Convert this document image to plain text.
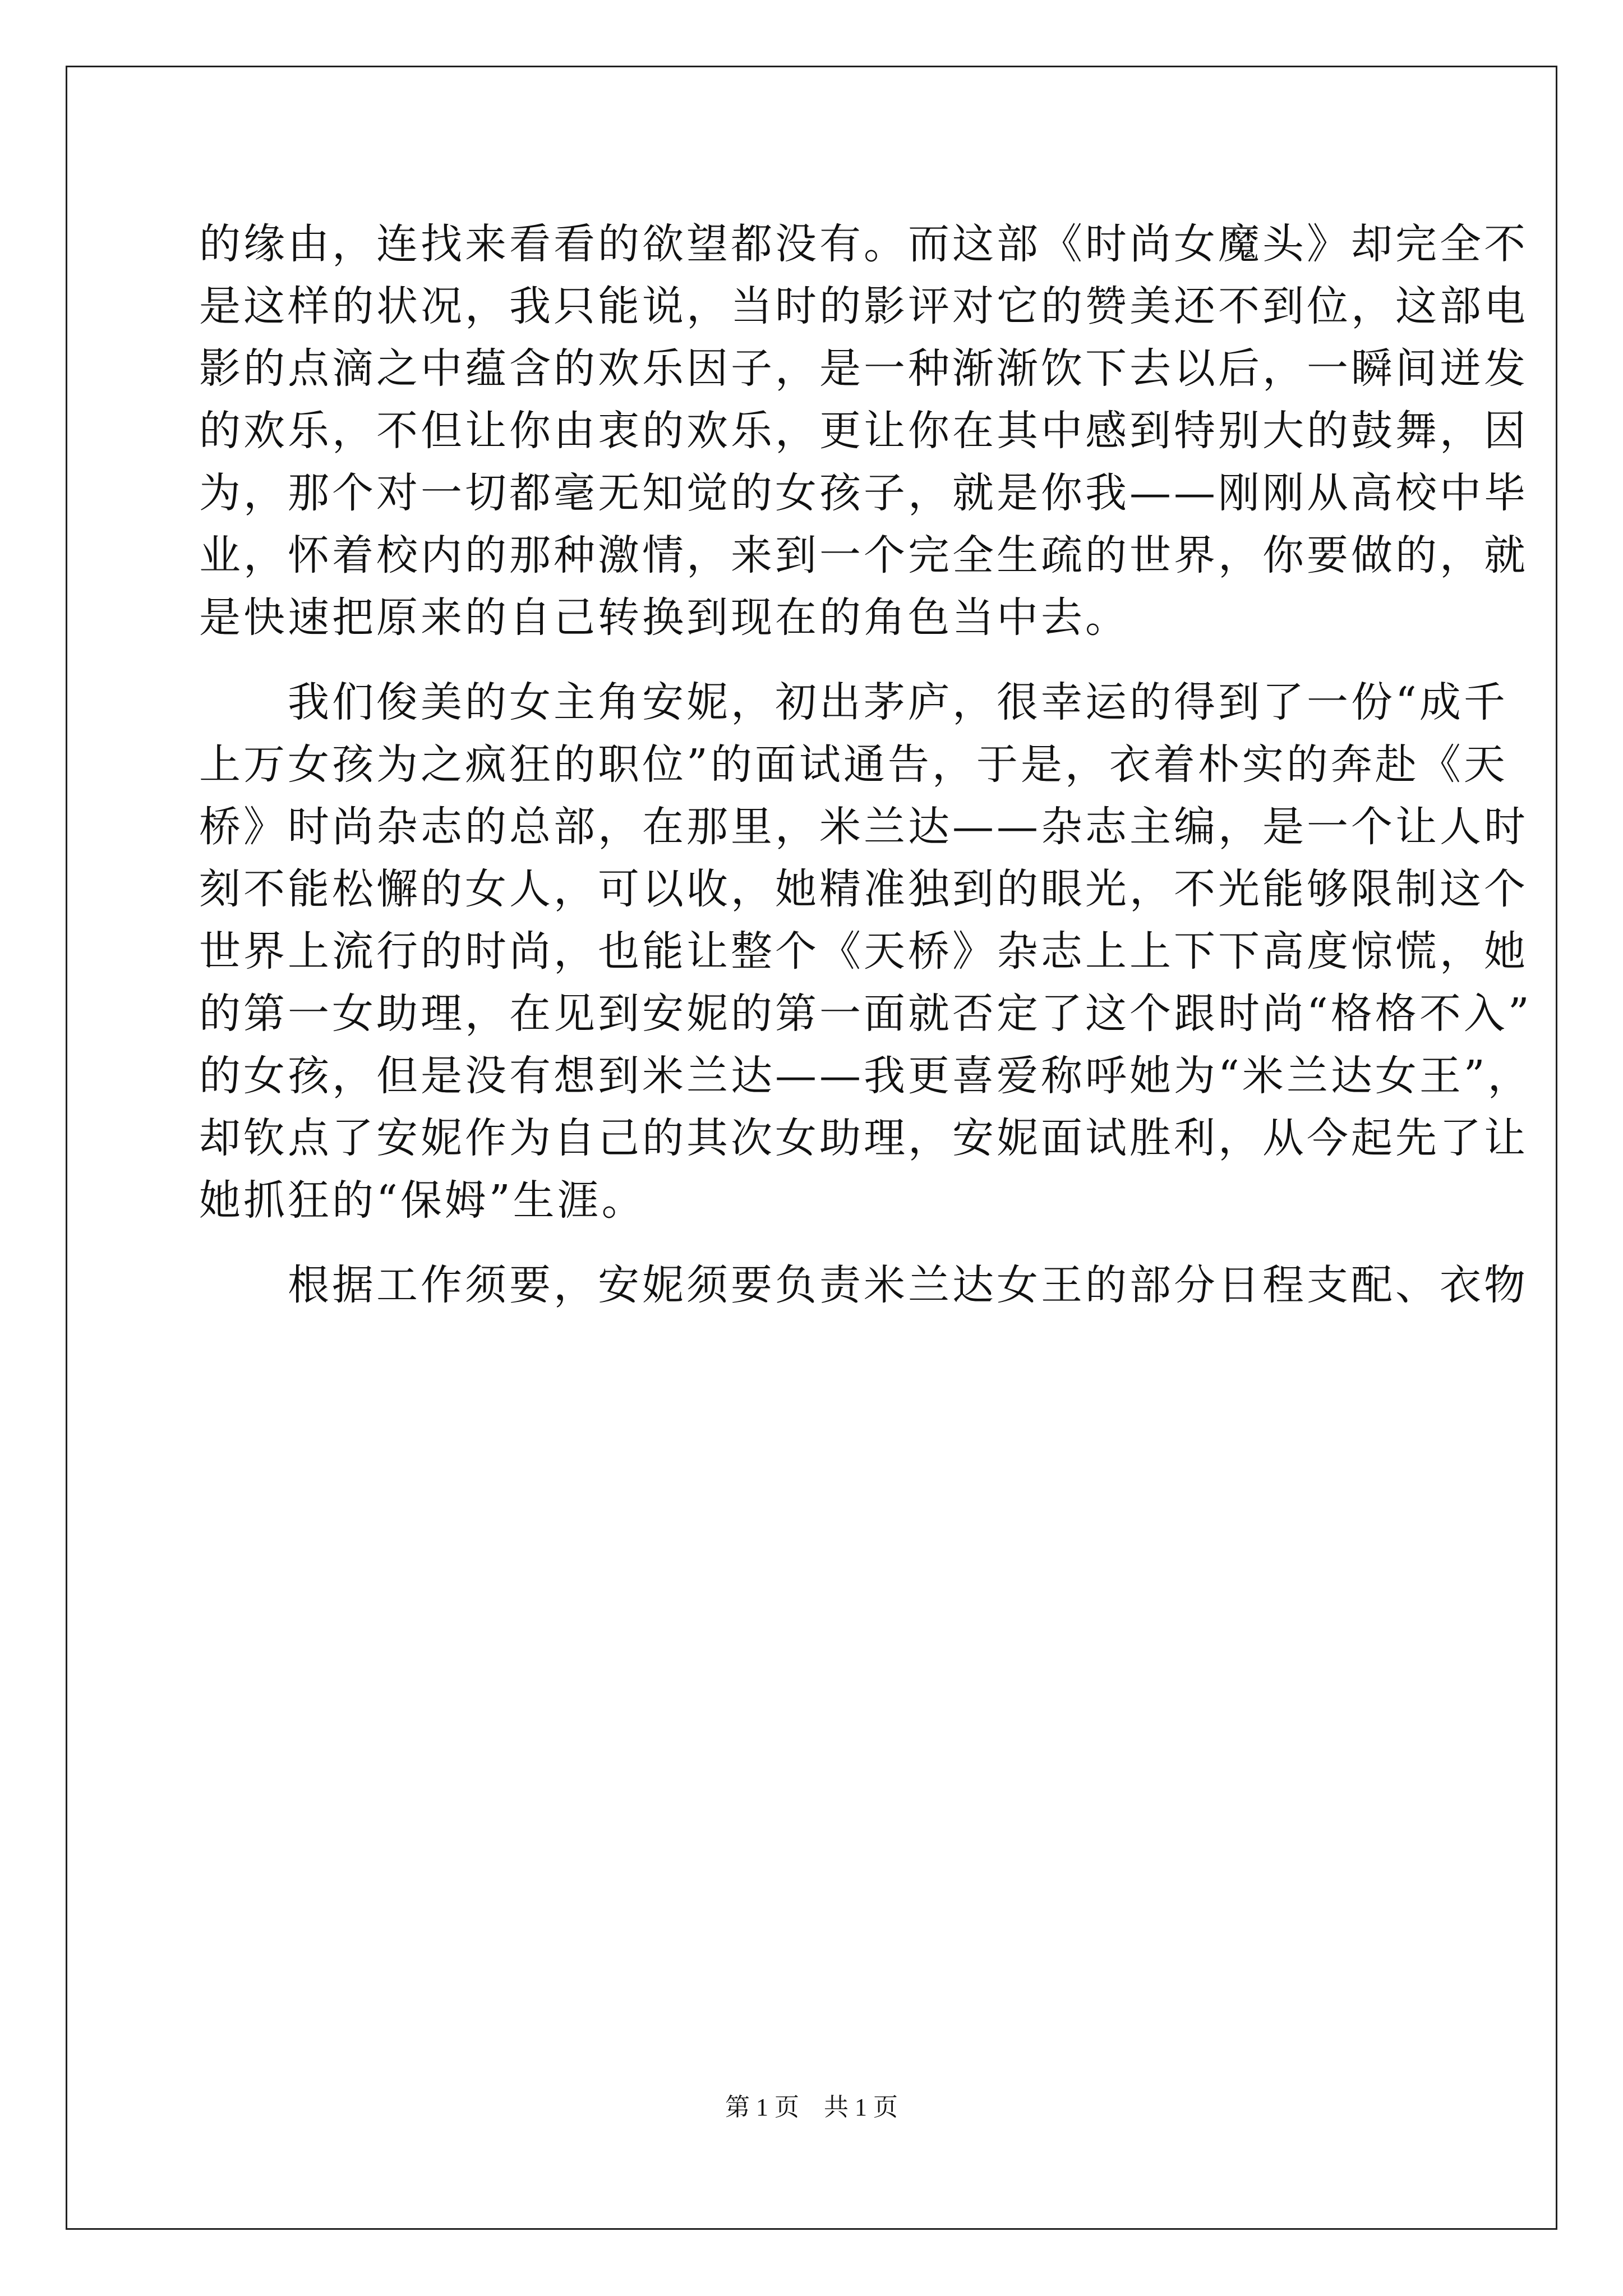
的缘由，连找来看看的欲望都没有。而这部《时尚女魔头》却完全不
是这样的状况，我只能说，当时的影评对它的赞美还不到位，这部电
影的点滴之中蕴含的欢乐因子，是一种渐渐饮下去以后，一瞬间迸发
的欢乐，不但让你由衷的欢乐，更让你在其中感到特别大的鼓舞，因
为，那个对一切都毫无知觉的女孩子，就是你我——刚刚从高校中毕
业，怀着校内的那种激情，来到一个完全生疏的世界，你要做的，就
是快速把原来的自己转换到现在的角色当中去。
　　我们俊美的女主角安妮，初出茅庐，很幸运的得到了一份“成千
上万女孩为之疯狂的职位”的面试通告，于是，衣着朴实的奔赴《天
桥》时尚杂志的总部，在那里，米兰达——杂志主编，是一个让人时
刻不能松懈的女人，可以收，她精准独到的眼光，不光能够限制这个
世界上流行的时尚，也能让整个《天桥》杂志上上下下高度惊慌，她
的第一女助理，在见到安妮的第一面就否定了这个跟时尚“格格不入”
的女孩，但是没有想到米兰达——我更喜爱称呼她为“米兰达女王”，
却钦点了安妮作为自己的其次女助理，安妮面试胜利，从今起先了让
她抓狂的“保姆”生涯。
　　根据工作须要，安妮须要负责米兰达女王的部分日程支配、衣物
第 1 页　共 1 页
